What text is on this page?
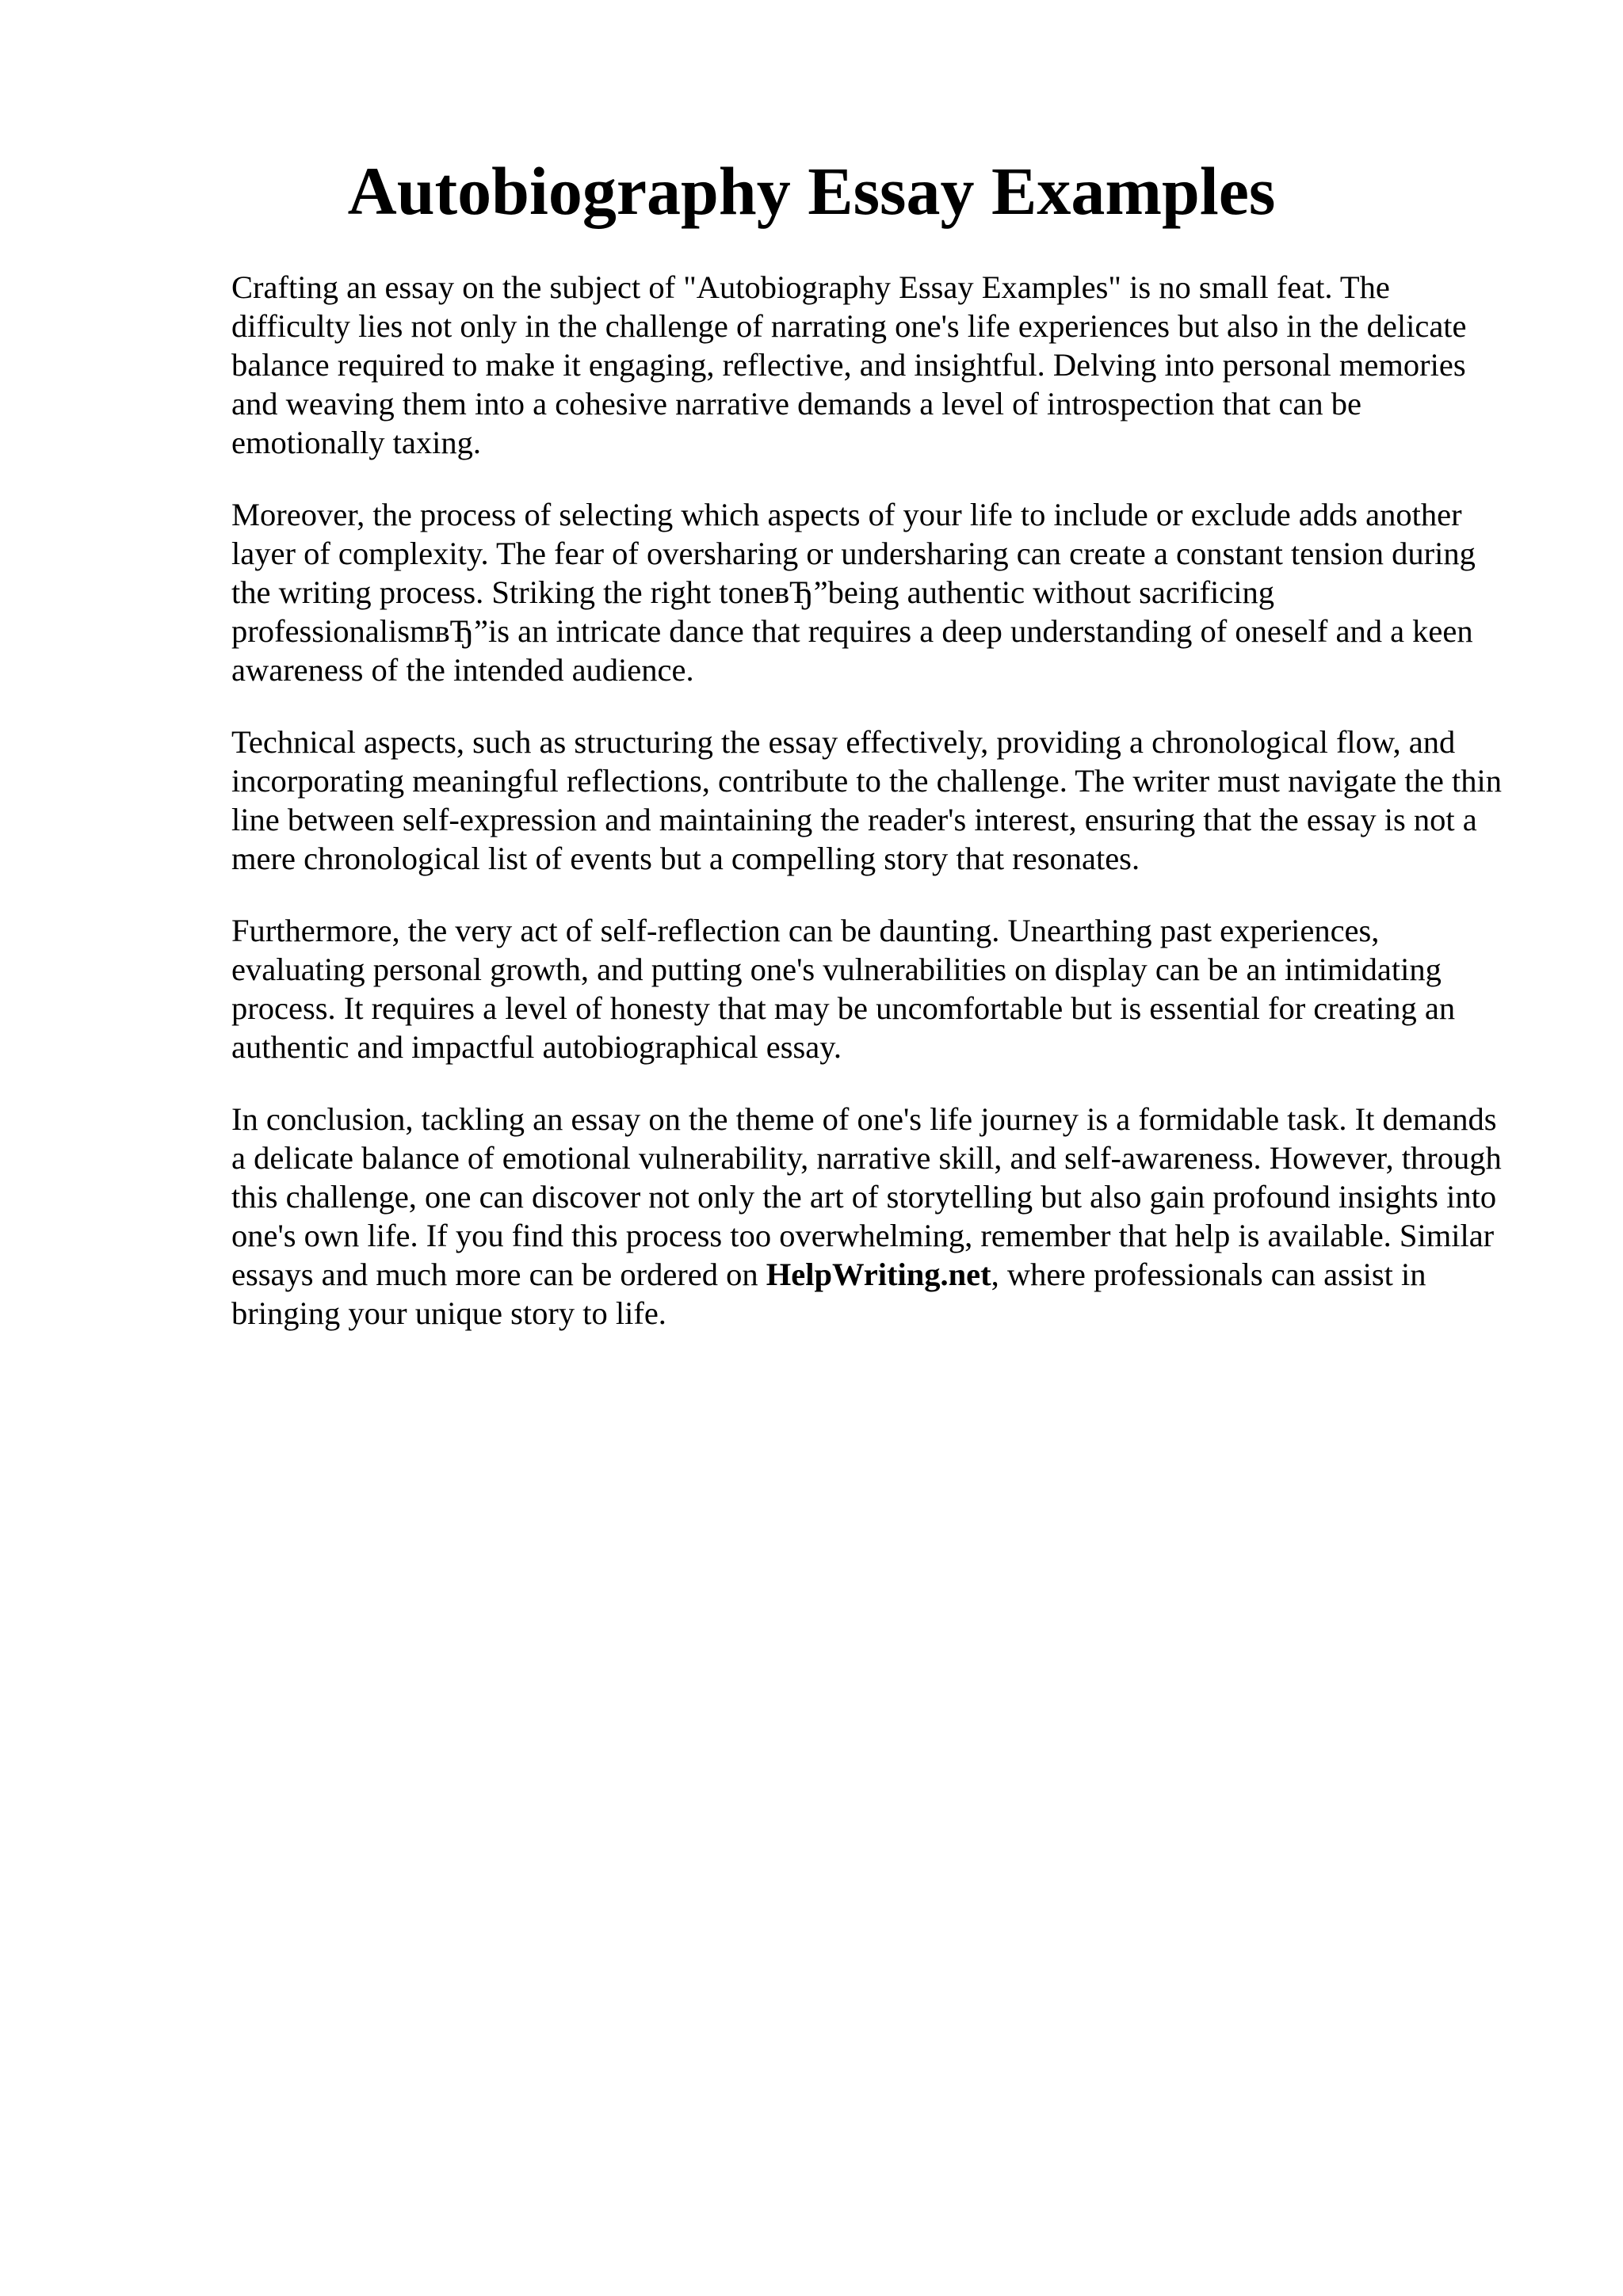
Autobiography Essay Examples

Crafting an essay on the subject of "Autobiography Essay Examples" is no small feat. The difficulty lies not only in the challenge of narrating one's life experiences but also in the delicate balance required to make it engaging, reflective, and insightful. Delving into personal memories and weaving them into a cohesive narrative demands a level of introspection that can be emotionally taxing.

Moreover, the process of selecting which aspects of your life to include or exclude adds another layer of complexity. The fear of oversharing or undersharing can create a constant tension during the writing process. Striking the right toneвЂ”being authentic without sacrificing professionalismвЂ”is an intricate dance that requires a deep understanding of oneself and a keen awareness of the intended audience.

Technical aspects, such as structuring the essay effectively, providing a chronological flow, and incorporating meaningful reflections, contribute to the challenge. The writer must navigate the thin line between self-expression and maintaining the reader's interest, ensuring that the essay is not a mere chronological list of events but a compelling story that resonates.

Furthermore, the very act of self-reflection can be daunting. Unearthing past experiences, evaluating personal growth, and putting one's vulnerabilities on display can be an intimidating process. It requires a level of honesty that may be uncomfortable but is essential for creating an authentic and impactful autobiographical essay.

In conclusion, tackling an essay on the theme of one's life journey is a formidable task. It demands a delicate balance of emotional vulnerability, narrative skill, and self-awareness. However, through this challenge, one can discover not only the art of storytelling but also gain profound insights into one's own life. If you find this process too overwhelming, remember that help is available. Similar essays and much more can be ordered on HelpWriting.net, where professionals can assist in bringing your unique story to life.
